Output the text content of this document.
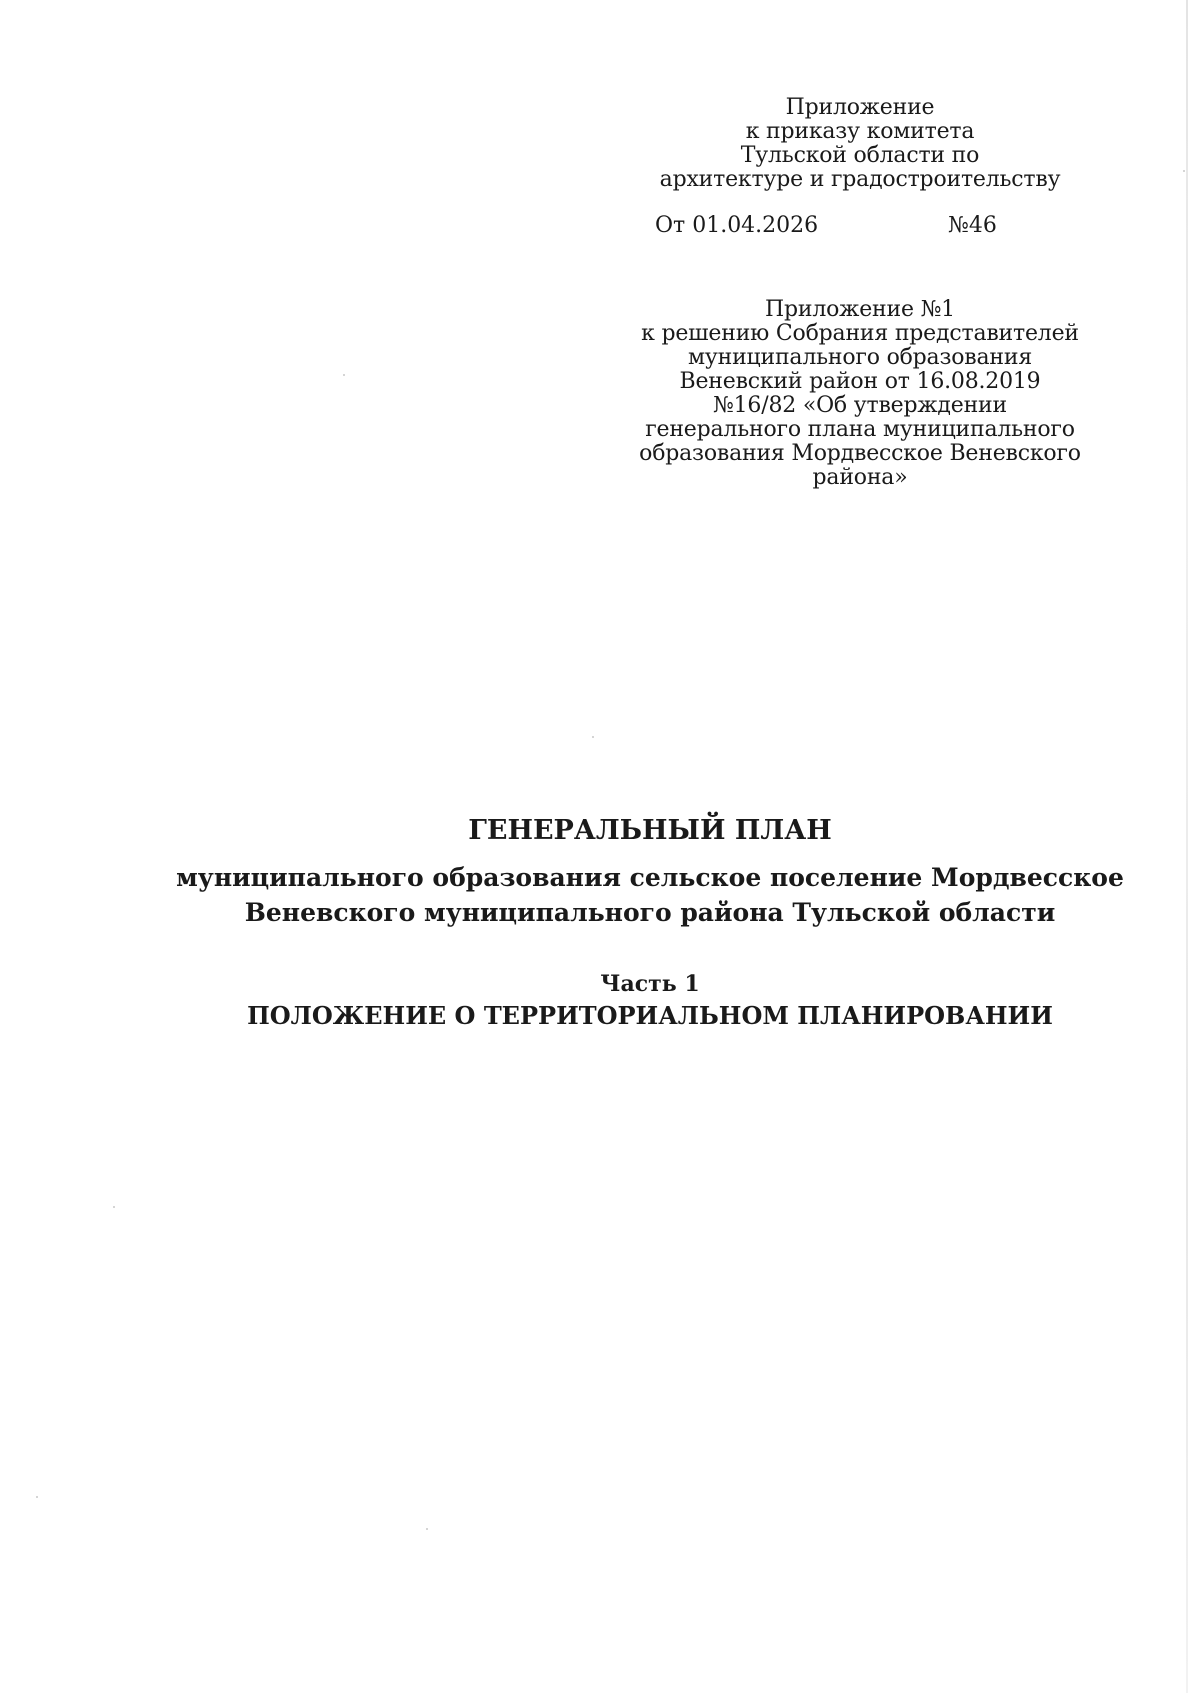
Приложение
к приказу комитета
Тульской области по
архитектуре и градостроительству
От 01.04.2026	№46
Приложение №1
к решению Собрания представителей
муниципального образования
Веневский район от 16.08.2019
№16/82 «Об утверждении
генерального плана муниципального
образования Мордвесское Веневского
района»
ГЕНЕРАЛЬНЫЙ ПЛАН
муниципального образования сельское поселение Мордвесское
Веневского муниципального района Тульской области
Часть 1
ПОЛОЖЕНИЕ О ТЕРРИТОРИАЛЬНОМ ПЛАНИРОВАНИИ
